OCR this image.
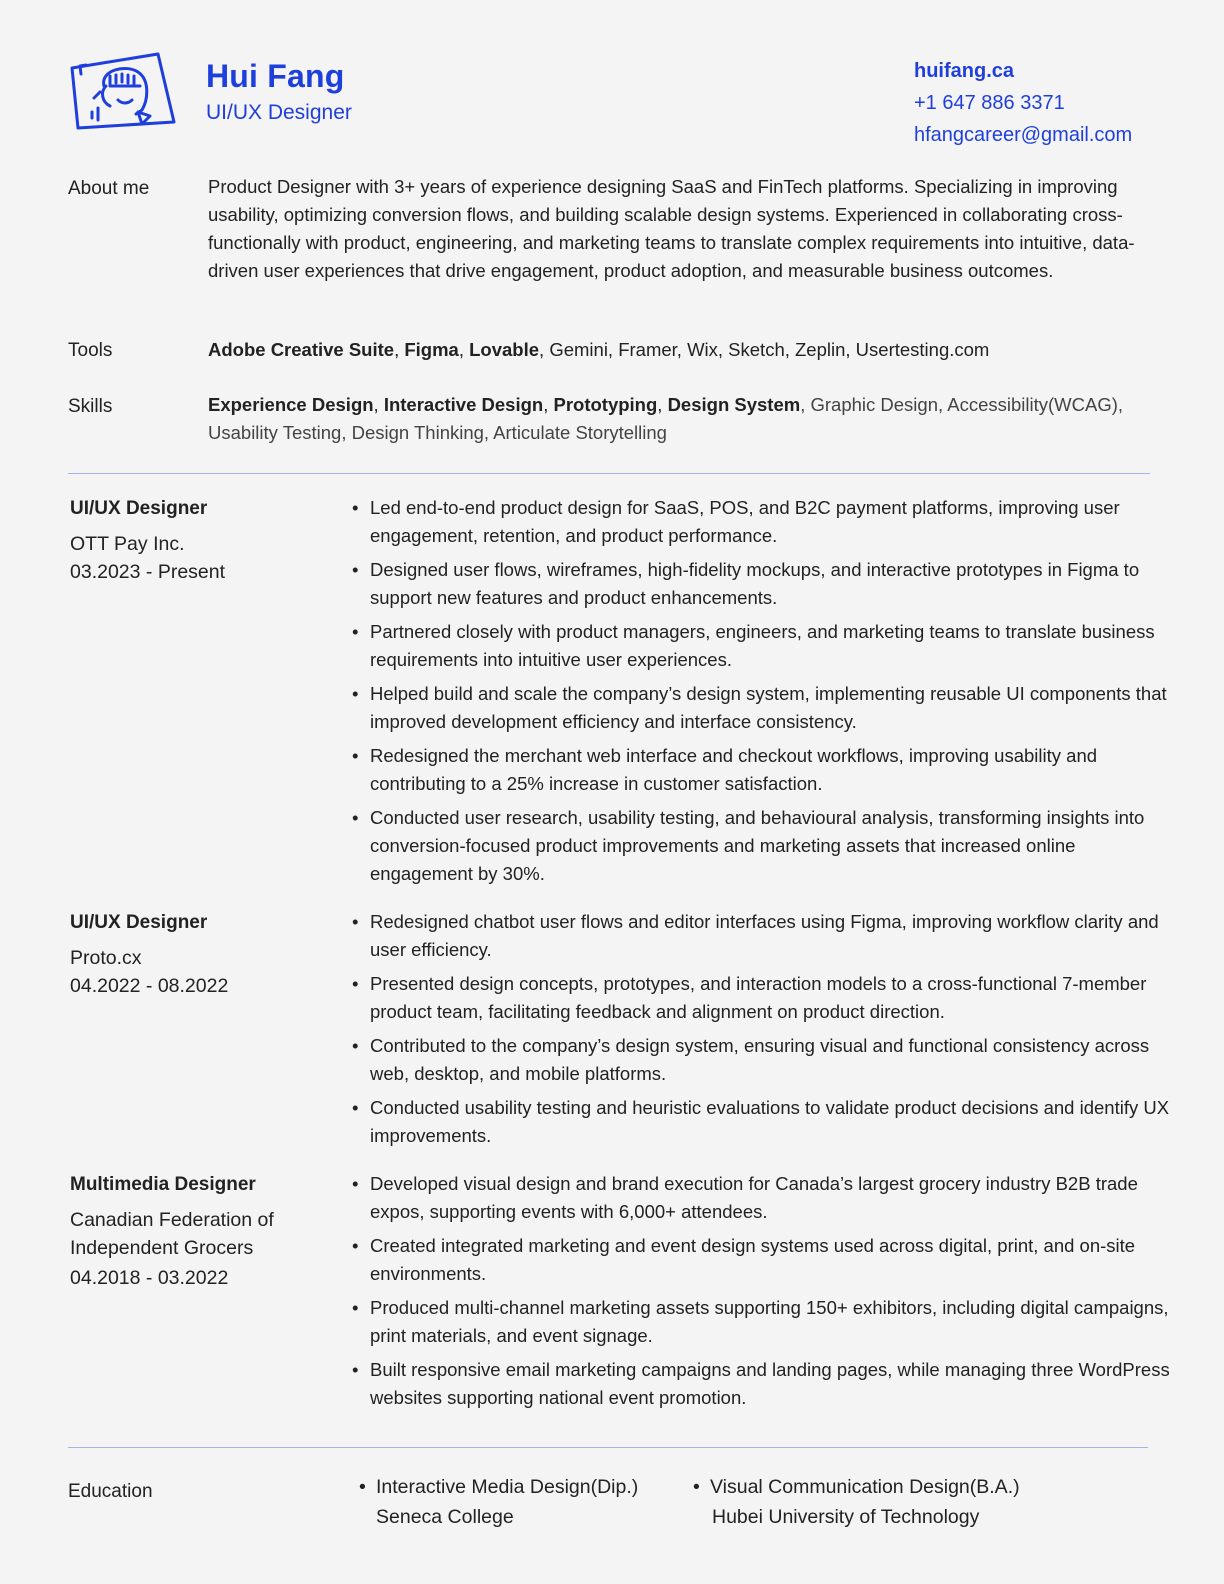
Hui Fang
UI/UX Designer
huifang.ca
+1 647 886 3371
hfangcareer@gmail.com
About me	Product Designer with 3+ years of experience designing SaaS and FinTech platforms. Specializing in improving usability, optimizing conversion flows, and building scalable design systems. Experienced in collaborating cross-functionally with product, engineering, and marketing teams to translate complex requirements into intuitive, data-driven user experiences that drive engagement, product adoption, and measurable business outcomes.
Tools	Adobe Creative Suite, Figma, Lovable, Gemini, Framer, Wix, Sketch, Zeplin, Usertesting.com
Skills	Experience Design, Interactive Design, Prototyping, Design System, Graphic Design, Accessibility(WCAG), Usability Testing, Design Thinking, Articulate Storytelling
UI/UX Designer
OTT Pay Inc.
03.2023 - Present
• Led end-to-end product design for SaaS, POS, and B2C payment platforms, improving user engagement, retention, and product performance.
• Designed user flows, wireframes, high-fidelity mockups, and interactive prototypes in Figma to support new features and product enhancements.
• Partnered closely with product managers, engineers, and marketing teams to translate business requirements into intuitive user experiences.
• Helped build and scale the company’s design system, implementing reusable UI components that improved development efficiency and interface consistency.
• Redesigned the merchant web interface and checkout workflows, improving usability and contributing to a 25% increase in customer satisfaction.
• Conducted user research, usability testing, and behavioural analysis, transforming insights into conversion-focused product improvements and marketing assets that increased online engagement by 30%.
UI/UX Designer
Proto.cx
04.2022 - 08.2022
• Redesigned chatbot user flows and editor interfaces using Figma, improving workflow clarity and user efficiency.
• Presented design concepts, prototypes, and interaction models to a cross-functional 7-member product team, facilitating feedback and alignment on product direction.
• Contributed to the company’s design system, ensuring visual and functional consistency across web, desktop, and mobile platforms.
• Conducted usability testing and heuristic evaluations to validate product decisions and identify UX improvements.
Multimedia Designer
Canadian Federation of
Independent Grocers
04.2018 - 03.2022
• Developed visual design and brand execution for Canada’s largest grocery industry B2B trade expos, supporting events with 6,000+ attendees.
• Created integrated marketing and event design systems used across digital, print, and on-site environments.
• Produced multi-channel marketing assets supporting 150+ exhibitors, including digital campaigns, print materials, and event signage.
• Built responsive email marketing campaigns and landing pages, while managing three WordPress websites supporting national event promotion.
Education	• Interactive Media Design(Dip.)
Seneca College
• Visual Communication Design(B.A.)
Hubei University of Technology
